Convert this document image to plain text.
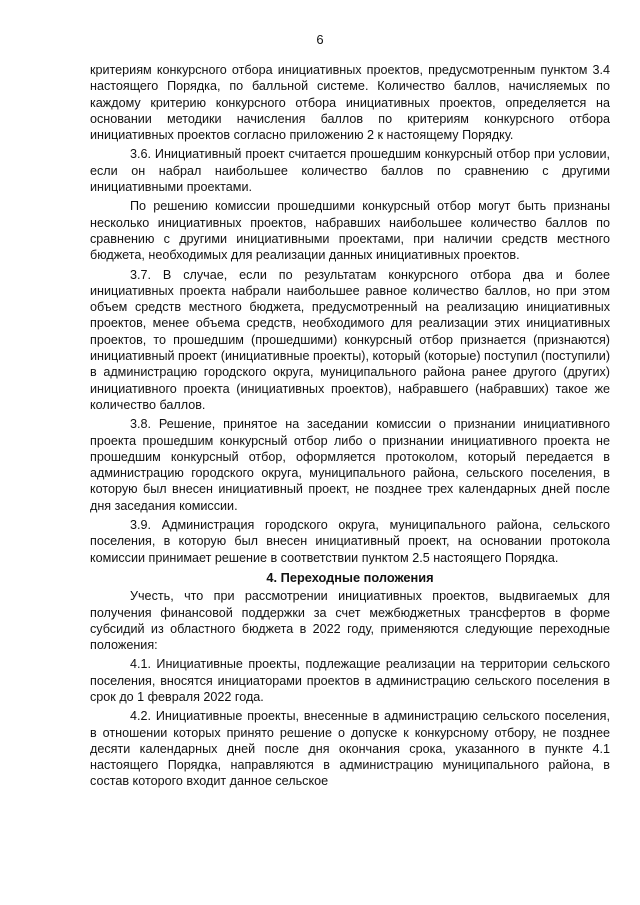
6

критериям конкурсного отбора инициативных проектов, предусмотренным пунктом 3.4 настоящего Порядка, по балльной системе. Количество баллов, начисляемых по каждому критерию конкурсного отбора инициативных проектов, определяется на основании методики начисления баллов по критериям конкурсного отбора инициативных проектов согласно приложению 2 к настоящему Порядку.

3.6. Инициативный проект считается прошедшим конкурсный отбор при условии, если он набрал наибольшее количество баллов по сравнению с другими инициативными проектами.

По решению комиссии прошедшими конкурсный отбор могут быть признаны несколько инициативных проектов, набравших наибольшее количество баллов по сравнению с другими инициативными проектами, при наличии средств местного бюджета, необходимых для реализации данных инициативных проектов.

3.7. В случае, если по результатам конкурсного отбора два и более инициативных проекта набрали наибольшее равное количество баллов, но при этом объем средств местного бюджета, предусмотренный на реализацию инициативных проектов, менее объема средств, необходимого для реализации этих инициативных проектов, то прошедшим (прошедшими) конкурсный отбор признается (признаются) инициативный проект (инициативные проекты), который (которые) поступил (поступили) в администрацию городского округа, муниципального района ранее другого (других) инициативного проекта (инициативных проектов), набравшего (набравших) такое же количество баллов.

3.8. Решение, принятое на заседании комиссии о признании инициативного проекта прошедшим конкурсный отбор либо о признании инициативного проекта не прошедшим конкурсный отбор, оформляется протоколом, который передается в администрацию городского округа, муниципального района, сельского поселения, в которую был внесен инициативный проект, не позднее трех календарных дней после дня заседания комиссии.

3.9. Администрация городского округа, муниципального района, сельского поселения, в которую был внесен инициативный проект, на основании протокола комиссии принимает решение в соответствии пунктом 2.5 настоящего Порядка.

4. Переходные положения

Учесть, что при рассмотрении инициативных проектов, выдвигаемых для получения финансовой поддержки за счет межбюджетных трансфертов в форме субсидий из областного бюджета в 2022 году, применяются следующие переходные положения:

4.1. Инициативные проекты, подлежащие реализации на территории сельского поселения, вносятся инициаторами проектов в администрацию сельского поселения в срок до 1 февраля 2022 года.

4.2. Инициативные проекты, внесенные в администрацию сельского поселения, в отношении которых принято решение о допуске к конкурсному отбору, не позднее десяти календарных дней после дня окончания срока, указанного в пункте 4.1 настоящего Порядка, направляются в администрацию муниципального района, в состав которого входит данное сельское
